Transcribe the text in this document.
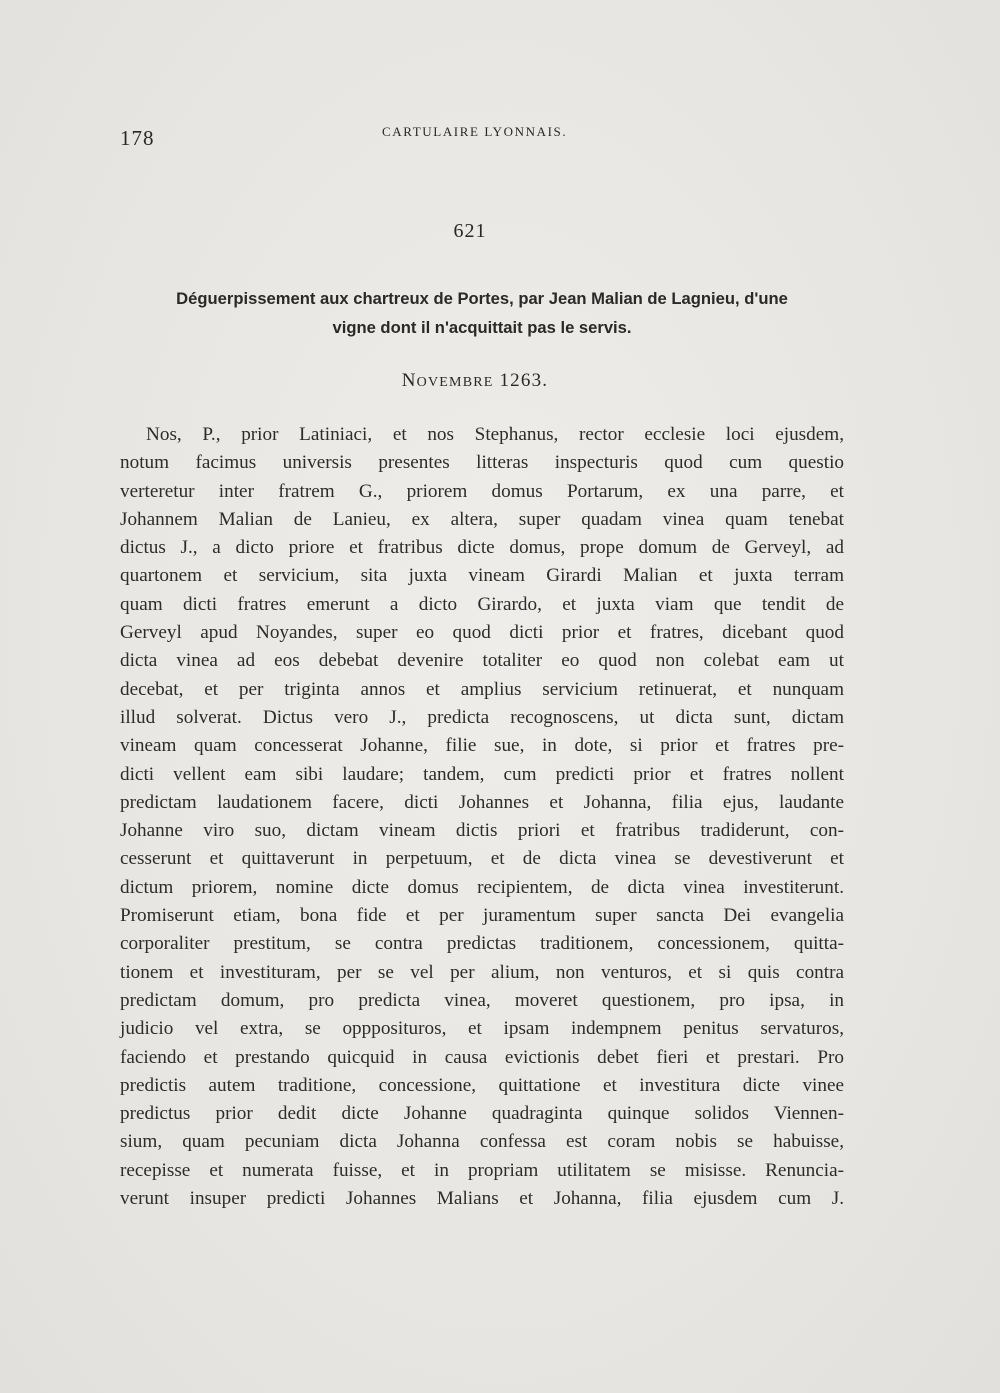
178	CARTULAIRE LYONNAIS.
621
Déguerpissement aux chartreux de Portes, par Jean Malian de Lagnieu, d'une
vigne dont il n'acquittait pas le servis.
NOVEMBRE 1263.
Nos, P., prior Latiniaci, et nos Stephanus, rector ecclesie loci ejusdem,
notum facimus universis presentes litteras inspecturis quod cum questio
verteretur inter fratrem G., priorem domus Portarum, ex una parre, et
Johannem Malian de Lanieu, ex altera, super quadam vinea quam tenebat
dictus J., a dicto priore et fratribus dicte domus, prope domum de Gerveyl, ad
quartonem et servicium, sita juxta vineam Girardi Malian et juxta terram
quam dicti fratres emerunt a dicto Girardo, et juxta viam que tendit de
Gerveyl apud Noyandes, super eo quod dicti prior et fratres, dicebant quod
dicta vinea ad eos debebat devenire totaliter eo quod non colebat eam ut
decebat, et per triginta annos et amplius servicium retinuerat, et nunquam
illud solverat. Dictus vero J., predicta recognoscens, ut dicta sunt, dictam
vineam quam concesserat Johanne, filie sue, in dote, si prior et fratres pre-
dicti vellent eam sibi laudare; tandem, cum predicti prior et fratres nollent
predictam laudationem facere, dicti Johannes et Johanna, filia ejus, laudante
Johanne viro suo, dictam vineam dictis priori et fratribus tradiderunt, con-
cesserunt et quittaverunt in perpetuum, et de dicta vinea se devestiverunt et
dictum priorem, nomine dicte domus recipientem, de dicta vinea investiterunt.
Promiserunt etiam, bona fide et per juramentum super sancta Dei evangelia
corporaliter prestitum, se contra predictas traditionem, concessionem, quitta-
tionem et investituram, per se vel per alium, non venturos, et si quis contra
predictam domum, pro predicta vinea, moveret questionem, pro ipsa, in
judicio vel extra, se oppposituros, et ipsam indempnem penitus servaturos,
faciendo et prestando quicquid in causa evictionis debet fieri et prestari. Pro
predictis autem traditione, concessione, quittatione et investitura dicte vinee
predictus prior dedit dicte Johanne quadraginta quinque solidos Viennen-
sium, quam pecuniam dicta Johanna confessa est coram nobis se habuisse,
recepisse et numerata fuisse, et in propriam utilitatem se misisse. Renuncia-
verunt insuper predicti Johannes Malians et Johanna, filia ejusdem cum J.
